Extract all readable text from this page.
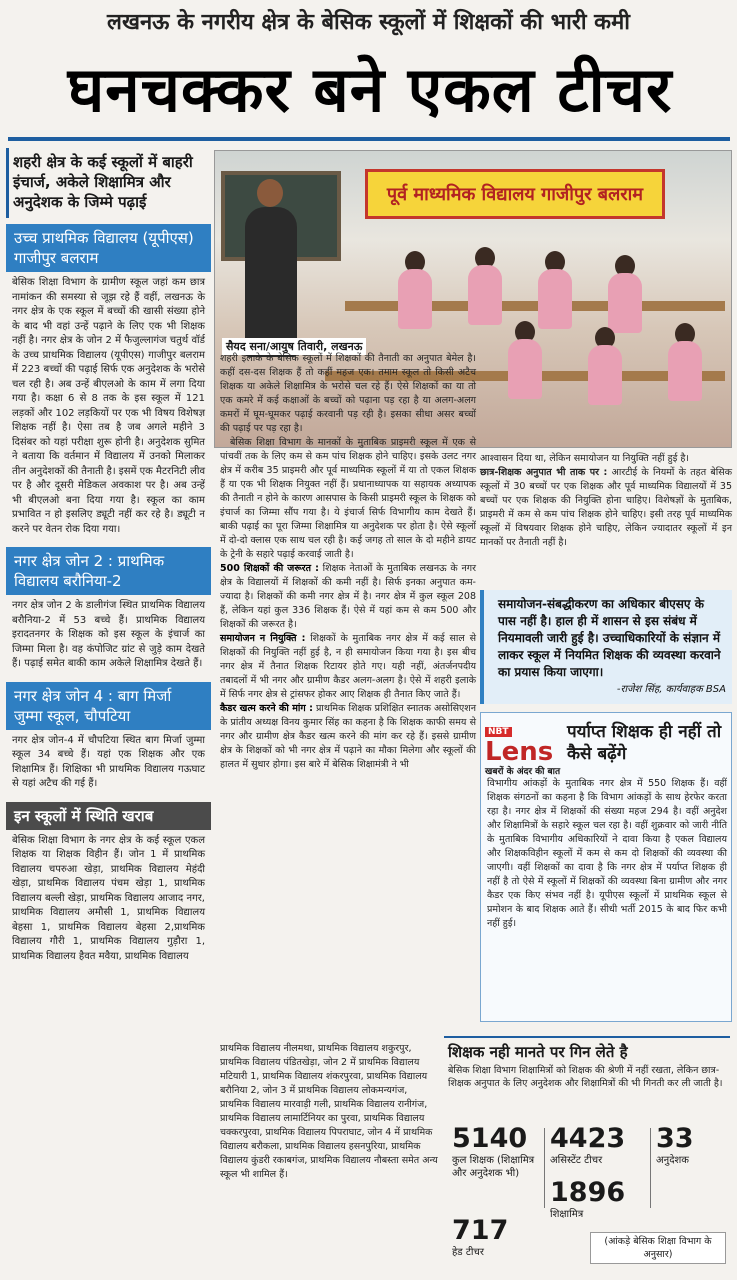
लखनऊ के नगरीय क्षेत्र के बेसिक स्कूलों में शिक्षकों की भारी कमी
घनचक्कर बने एकल टीचर
शहरी क्षेत्र के कई स्कूलों में बाहरी इंचार्ज, अकेले शिक्षामित्र और अनुदेशक के जिम्मे पढ़ाई
उच्च प्राथमिक विद्यालय (यूपीएस) गाजीपुर बलराम
बेसिक शिक्षा विभाग के ग्रामीण स्कूल जहां कम छात्र नामांकन की समस्या से जूझ रहे हैं वहीं, लखनऊ के नगर क्षेत्र के एक स्कूल में बच्चों की खासी संख्या होने के बाद भी वहां उन्हें पढ़ाने के लिए एक भी शिक्षक नहीं है। नगर क्षेत्र के जोन 2 में फैजुल्लागंज चतुर्थ वॉर्ड के उच्च प्राथमिक विद्यालय (यूपीएस) गाजीपुर बलराम में 223 बच्चों की पढ़ाई सिर्फ एक अनुदेशक के भरोसे चल रही है। अब उन्हें बीएलओ के काम में लगा दिया गया है। कक्षा 6 से 8 तक के इस स्कूल में 121 लड़कों और 102 लड़कियों पर एक भी विषय विशेषज्ञ शिक्षक नहीं है। ऐसा तब है जब अगले महीने 3 दिसंबर को यहां परीक्षा शुरू होनी है। अनुदेशक सुमित ने बताया कि वर्तमान में विद्यालय में उनको मिलाकर तीन अनुदेशकों की तैनाती है। इसमें एक मैटरनिटी लीव पर है और दूसरी मेडिकल अवकाश पर है। अब उन्हें भी बीएलओ बना दिया गया है। स्कूल का काम प्रभावित न हो इसलिए ड्यूटी नहीं कर रहे है। ड्यूटी न करने पर वेतन रोक दिया गया।
नगर क्षेत्र जोन 2 : प्राथमिक विद्यालय बरौनिया-2
नगर क्षेत्र जोन 2 के डालीगंज स्थित प्राथमिक विद्यालय बरौनिया-2 में 53 बच्चे हैं। प्राथमिक विद्यालय इरादतनगर के शिक्षक को इस स्कूल के इंचार्ज का जिम्मा मिला है। वह कंपोजिट ग्रांट से जुड़े काम देखते हैं। पढ़ाई समेत बाकी काम अकेले शिक्षामित्र देखते हैं।
नगर क्षेत्र जोन 4 : बाग मिर्जा जुम्मा स्कूल, चौपटिया
नगर क्षेत्र जोन-4 में चौपटिया स्थित बाग मिर्जा जुम्मा स्कूल 34 बच्चे हैं। यहां एक शिक्षक और एक शिक्षामित्र हैं। शिक्षिका भी प्राथमिक विद्यालय गऊघाट से यहां अटैच की गई हैं।
इन स्कूलों में स्थिति खराब
बेसिक शिक्षा विभाग के नगर क्षेत्र के कई स्कूल एकल शिक्षक या शिक्षक विहीन हैं। जोन 1 में प्राथमिक विद्यालय चपरुआ खेड़ा, प्राथमिक विद्यालय मेहंदी खेड़ा, प्राथमिक विद्यालय पंचम खेड़ा 1, प्राथमिक विद्यालय बल्ली खेड़ा, प्राथमिक विद्यालय आजाद नगर, प्राथमिक विद्यालय अमौसी 1, प्राथमिक विद्यालय बेहसा 1, प्राथमिक विद्यालय बेहसा 2,प्राथमिक विद्यालय गौरी 1, प्राथमिक विद्यालय गुड़ौरा 1, प्राथमिक विद्यालय हैवत मवैया, प्राथमिक विद्यालय
पूर्व माध्यमिक विद्यालय गाजीपुर बलराम
सैयद सना/आयुष तिवारी, लखनऊ

शहरी इलाके के बेसिक स्कूलों में शिक्षकों की तैनाती का अनुपात बेमेल है। कहीं दस-दस शिक्षक हैं तो कहीं महज एक। तमाम स्कूल तो किसी अटैच शिक्षक या अकेले शिक्षामित्र के भरोसे चल रहे हैं। ऐसे शिक्षकों का या तो एक कमरे में कई कक्षाओं के बच्चों को पढ़ाना पड़ रहा है या अलग-अलग कमरों में घूम-घूमकर पढ़ाई करवानी पड़ रही है। इसका सीधा असर बच्चों की पढ़ाई पर पड़ रहा है।

बेसिक शिक्षा विभाग के मानकों के मुताबिक प्राइमरी स्कूल में एक से पांचवीं तक के लिए कम से कम पांच शिक्षक होने चाहिए। इसके उलट नगर क्षेत्र में करीब 35 प्राइमरी और पूर्व माध्यमिक स्कूलों में या तो एकल शिक्षक हैं या एक भी शिक्षक नियुक्त नहीं हैं। प्रधानाध्यापक या सहायक अध्यापक की तैनाती न होने के कारण आसपास के किसी प्राइमरी स्कूल के शिक्षक को इंचार्ज का जिम्मा सौंप गया है। ये इंचार्ज सिर्फ विभागीय काम देखते हैं। बाकी पढ़ाई का पूरा जिम्मा शिक्षामित्र या अनुदेशक पर होता है। ऐसे स्कूलों में दो-दो क्लास एक साथ चल रही है। कई जगह तो साल के दो महीने डायट के ट्रेनी के सहारे पढ़ाई करवाई जाती है।

500 शिक्षकों की जरूरत : शिक्षक नेताओं के मुताबिक लखनऊ के नगर क्षेत्र के विद्यालयों में शिक्षकों की कमी नहीं है। सिर्फ इनका अनुपात कम-ज्यादा है। शिक्षकों की कमी नगर क्षेत्र में है। नगर क्षेत्र में कुल स्कूल 208 हैं, लेकिन यहां कुल 336 शिक्षक हैं। ऐसे में यहां कम से कम 500 और शिक्षकों की जरूरत है।

समायोजन न नियुक्ति : शिक्षकों के मुताबिक नगर क्षेत्र में कई साल से शिक्षकों की नियुक्ति नहीं हुई है, न ही समायोजन किया गया है। इस बीच नगर क्षेत्र में तैनात शिक्षक रिटायर होते गए। यही नहीं, अंतर्जनपदीय तबादलों में भी नगर और ग्रामीण कैडर अलग-अलग है। ऐसे में शहरी इलाके में सिर्फ नगर क्षेत्र से ट्रांसफर होकर आए शिक्षक ही तैनात किए जाते हैं।

कैडर खत्म करने की मांग : प्राथमिक शिक्षक प्रशिक्षित स्नातक असोसिएशन के प्रांतीय अध्यक्ष विनय कुमार सिंह का कहना है कि शिक्षक काफी समय से नगर और ग्रामीण क्षेत्र कैडर खत्म करने की मांग कर रहे हैं। इससे ग्रामीण क्षेत्र के शिक्षकों को भी नगर क्षेत्र में पढ़ाने का मौका मिलेगा और स्कूलों की हालत में सुधार होगा। इस बारे में बेसिक शिक्षामंत्री ने भी

आश्वासन दिया था, लेकिन समायोजन या नियुक्ति नहीं हुई है।

छात्र-शिक्षक अनुपात भी ताक पर : आरटीई के नियमों के तहत बेसिक स्कूलों में 30 बच्चों पर एक शिक्षक और पूर्व माध्यमिक विद्यालयों में 35 बच्चों पर एक शिक्षक की नियुक्ति होना चाहिए। विशेषज्ञों के मुताबिक, प्राइमरी में कम से कम पांच शिक्षक होने चाहिए। इसी तरह पूर्व माध्यमिक स्कूलों में विषयवार शिक्षक होने चाहिए, लेकिन ज्यादातर स्कूलों में इन मानकों पर तैनाती नहीं है।

समायोजन-संबद्धीकरण का अधिकार बीएसए के पास नहीं है। हाल ही में शासन से इस संबंध में नियमावली जारी हुई है। उच्चाधिकारियों के संज्ञान में लाकर स्कूल में नियमित शिक्षक की व्यवस्था करवाने का प्रयास किया जाएगा।
-राजेश सिंह, कार्यवाहक BSA
NBT
Lens
खबरों के अंदर की बात
पर्याप्त शिक्षक ही नहीं तो कैसे बढ़ेंगे
विभागीय आंकड़ों के मुताबिक नगर क्षेत्र में 550 शिक्षक हैं। वहीं शिक्षक संगठनों का कहना है कि विभाग आंकड़ों के साथ हेरफेर करता रहा है। नगर क्षेत्र में शिक्षकों की संख्या महज 294 है। वहीं अनुदेश और शिक्षामित्रों के सहारे स्कूल चल रहा है। वहीं शुक्रवार को जारी नीति के मुताबिक विभागीय अधिकारियों ने दावा किया है एकल विद्यालय और शिक्षकविहीन स्कूलों में कम से कम दो शिक्षकों की व्यवस्था की जाएगी। वहीं शिक्षकों का दावा है कि नगर क्षेत्र में पर्याप्त शिक्षक ही नहीं है तो ऐसे में स्कूलों में शिक्षकों की व्यवस्था बिना ग्रामीण और नगर कैडर एक किए संभव नहीं है। यूपीएस स्कूलों में प्राथमिक स्कूल से प्रमोशन के बाद शिक्षक आते हैं। सीधी भर्ती 2015 के बाद फिर कभी नहीं हुई।
प्राथमिक विद्यालय नीलमथा, प्राथमिक विद्यालय शकुरपुर, प्राथमिक विद्यालय पंडितखेड़ा, जोन 2 में प्राथमिक विद्यालय मटियारी 1, प्राथमिक विद्यालय शंकरपुरवा, प्राथमिक विद्यालय बरौनिया 2, जोन 3 में प्राथमिक विद्यालय लोकमन्यगंज, प्राथमिक विद्यालय मारवाड़ी गली, प्राथमिक विद्यालय रानीगंज, प्राथमिक विद्यालय लामार्टिनियर का पुरवा, प्राथमिक विद्यालय चक्करपुरवा, प्राथमिक विद्यालय पिपराघाट, जोन 4 में प्राथमिक विद्यालय बरौकला, प्राथमिक विद्यालय हसनपुरिया, प्राथमिक विद्यालय कुंडरी रकाबगंज, प्राथमिक विद्यालय नौबस्ता समेत अन्य स्कूल भी शामिल हैं।
शिक्षक नही मानते पर गिन लेते है
बेसिक शिक्षा विभाग शिक्षामित्रों को शिक्षक की श्रेणी में नहीं रखता, लेकिन छात्र-शिक्षक अनुपात के लिए अनुदेशक और शिक्षामित्रों की भी गिनती कर ली जाती है।
5140
कुल शिक्षक (शिक्षामित्र और अनुदेशक भी)
4423
असिस्टेंट टीचर
1896
शिक्षामित्र
33
अनुदेशक
717
हेड टीचर
(आंकड़े बेसिक शिक्षा विभाग के अनुसार)
